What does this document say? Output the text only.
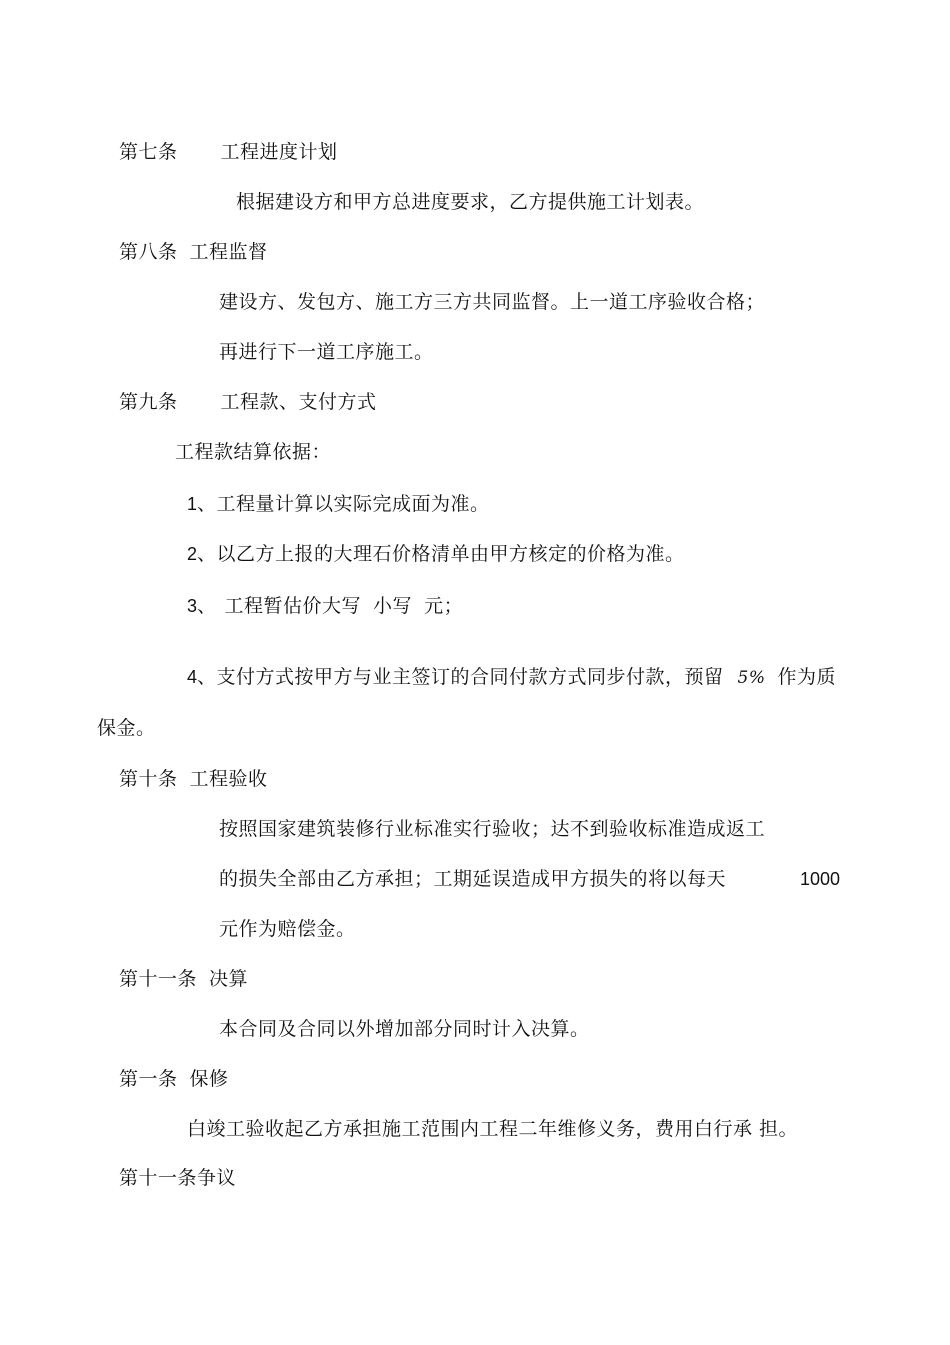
第七条 工程进度计划
根据建设方和甲方总进度要求，乙方提供施工计划表。
第八条 工程监督
建设方、发包方、施工方三方共同监督。上一道工序验收合格；
再进行下一道工序施工。
第九条 工程款、支付方式
工程款结算依据：
1、工程量计算以实际完成面为准。
2、以乙方上报的大理石价格清单由甲方核定的价格为准。
3、 工程暂估价大写 小写 元；
4、支付方式按甲方与业主签订的合同付款方式同步付款，预留 5% 作为质
保金。
第十条 工程验收
按照国家建筑装修行业标准实行验收；达不到验收标准造成返工
的损失全部由乙方承担；工期延误造成甲方损失的将以每天	1000
元作为赔偿金。
第十一条 决算
本合同及合同以外增加部分同时计入决算。
第一条 保修
白竣工验收起乙方承担施工范围内工程二年维修义务，费用白行承 担。
第十一条争议
